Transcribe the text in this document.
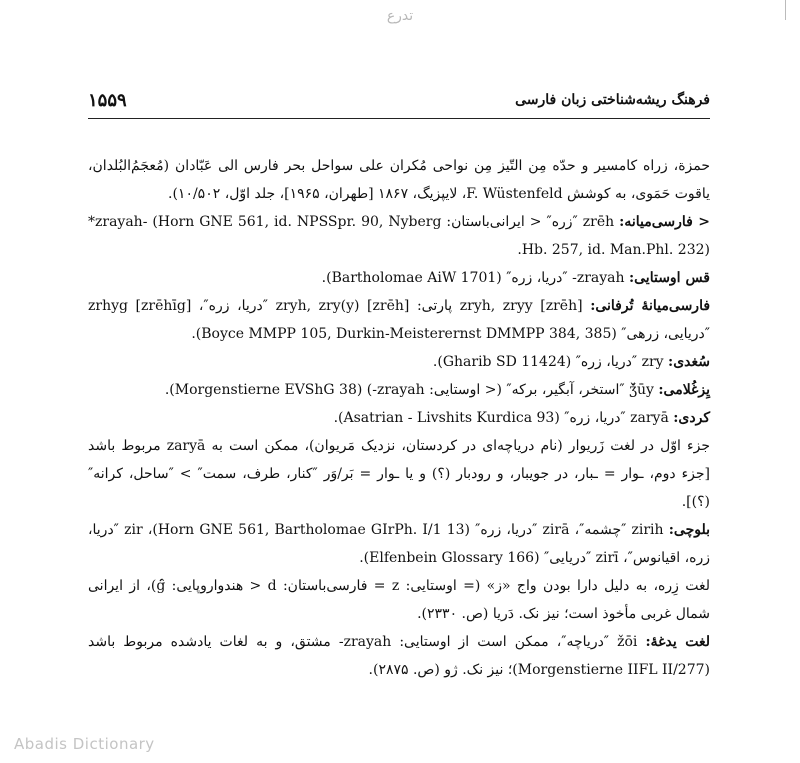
تدرع
۱۵۵۹	فرهنگ ریشه‌شناختی زبان فارسی

حمزة، زراه کامسیر و حدّه مِن التّیز مِن نواحی مُکران علی سواحل بحر فارس الی عَبّادان (مُعجَمُ‌البُلدان، یاقوت حَمَوی، به کوشش F. Wüstenfeld، لایپزیگ، ۱۸۶۷ [طهران، ۱۹۶۵]، جلد اوّل، ۱۰/۵۰۲).

< فارسی‌میانه: zrēh ″زره″ < ایرانی‌باستان: ‎*zrayah- (Horn GNE 561, id. NPSSpr. 90, Nyberg Hb. 257, id. Man.Phl. 232).

قس اوستایی: ‎zrayah- ″دریا، زره″ (Bartholomae AiW 1701).

فارسی‌میانهٔ تُرفانی: zryh, zryy [zrēh] پارتی: zryh, zry(y) [zrēh] ″دریا، زره″، zrhyg [zrēhīg] ″دریایی، زرهی″ (Boyce MMPP 105, Durkin-Meisterernst DMMPP 384, 385).

سُغدی: zry ″دریا، زره″ (Gharib SD 11424).

یِزغُلامی: ǯ̌ūy ″استخر، آبگیر، برکه″ (< اوستایی: ‎zrayah-) (Morgenstierne EVShG 38).

کردی: zaryā ″دریا، زره″ (Asatrian - Livshits Kurdica 93).

جزء اوّل در لغت زَریوار (نام دریاچه‌ای در کردستان، نزدیک مَریوان)، ممکن است به zaryā مربوط باشد [جزء دوم، ـوار = ـبار، در جویبار، و رودبار (؟) و یا ـوار = بَر/وَر ″کنار، طرف، سمت″ > ″ساحل، کرانه″ (؟)].

بلوچی: zirih ″چشمه″، zirā ″دریا، زره″ (Horn GNE 561, Bartholomae GIrPh. I/1 13)، zir ″دریا، زره، اقیانوس″، zirī ″دریایی″ (Elfenbein Glossary 166).

لغت زِره، به دلیل دارا بودن واج «ز» (= اوستایی: z = فارسی‌باستان: d < هندواروپایی: ǵ̑)، از ایرانی شمال غربی مأخوذ است؛ نیز نک. دَریا (ص. ۲۳۳۰).

لغت یدغهٔ: žōi ″دریاچه″، ممکن است از اوستایی: ‎zrayah- مشتق، و به لغات یادشده مربوط باشد (Morgenstierne IIFL II/277)؛ نیز نک. ژو (ص. ۲۸۷۵).

Abadis Dictionary
